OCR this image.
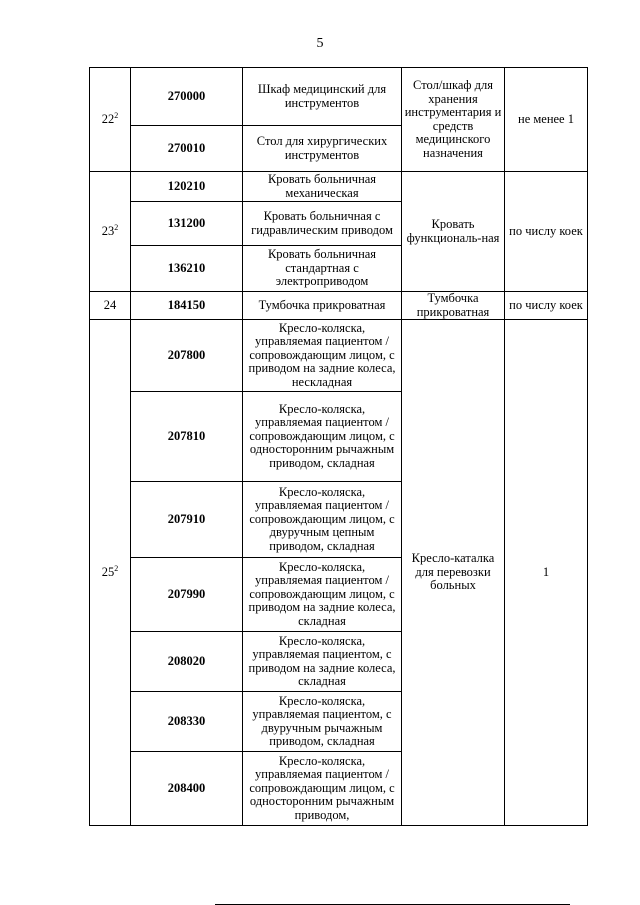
5
$22^2$	270000	Шкаф медицинский для инструментов	Стол/шкаф для хранения инструментария и средств медицинского назначения	не менее 1
	270010	Стол для хирургических инструментов		
$23^2$	120210	Кровать больничная механическая	Кровать функциональ-ная	по числу коек
	131200	Кровать больничная с гидравлическим приводом		
	136210	Кровать больничная стандартная с электроприводом		
24	184150	Тумбочка прикроватная	Тумбочка прикроватная	по числу коек
$25^2$	207800	Кресло-коляска, управляемая пациентом /сопровождающим лицом, с приводом на задние колеса, нескладная	Кресло-каталка для перевозки больных	1
	207810	Кресло-коляска, управляемая пациентом /сопровождающим лицом, с односторонним рычажным приводом, складная		
	207910	Кресло-коляска, управляемая пациентом /сопровождающим лицом, с двуручным цепным приводом, складная		
	207990	Кресло-коляска, управляемая пациентом /сопровождающим лицом, с приводом на задние колеса, складная		
	208020	Кресло-коляска, управляемая пациентом, с приводом на задние колеса, складная		
	208330	Кресло-коляска, управляемая пациентом, с двуручным рычажным приводом, складная		
	208400	Кресло-коляска, управляемая пациентом /сопровождающим лицом, с односторонним рычажным приводом,		
